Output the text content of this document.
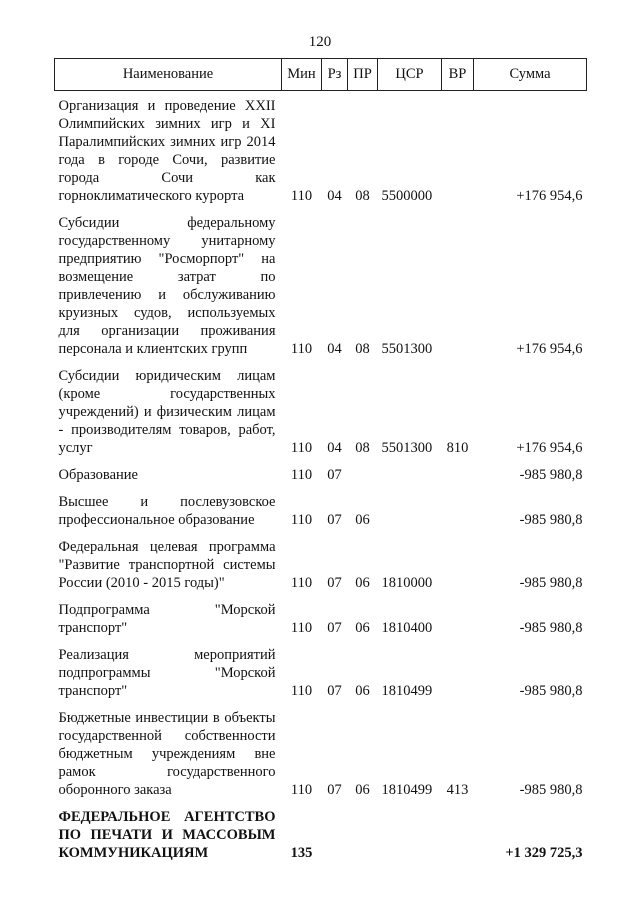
120
Наименование	Мин	Рз	ПР	ЦСР	ВР	Сумма
Организация и проведение XXII Олимпийских зимних игр и XI Паралимпийских зимних игр 2014 года в городе Сочи, развитие города Сочи как горноклиматического курорта	110	04	08	5500000		+176 954,6
Субсидии федеральному государственному унитарному предприятию "Росморпорт" на возмещение затрат по привлечению и обслуживанию круизных судов, используемых для организации проживания персонала и клиентских групп	110	04	08	5501300		+176 954,6
Субсидии юридическим лицам (кроме государственных учреждений) и физическим лицам - производителям товаров, работ, услуг	110	04	08	5501300	810	+176 954,6
Образование	110	07				-985 980,8
Высшее и послевузовское профессиональное образование	110	07	06			-985 980,8
Федеральная целевая программа "Развитие транспортной системы России (2010 - 2015 годы)"	110	07	06	1810000		-985 980,8
Подпрограмма "Морской транспорт"	110	07	06	1810400		-985 980,8
Реализация мероприятий подпрограммы "Морской транспорт"	110	07	06	1810499		-985 980,8
Бюджетные инвестиции в объекты государственной собственности бюджетным учреждениям вне рамок государственного оборонного заказа	110	07	06	1810499	413	-985 980,8
ФЕДЕРАЛЬНОЕ АГЕНТСТВО ПО ПЕЧАТИ И МАССОВЫМ КОММУНИКАЦИЯМ	135					+1 329 725,3
